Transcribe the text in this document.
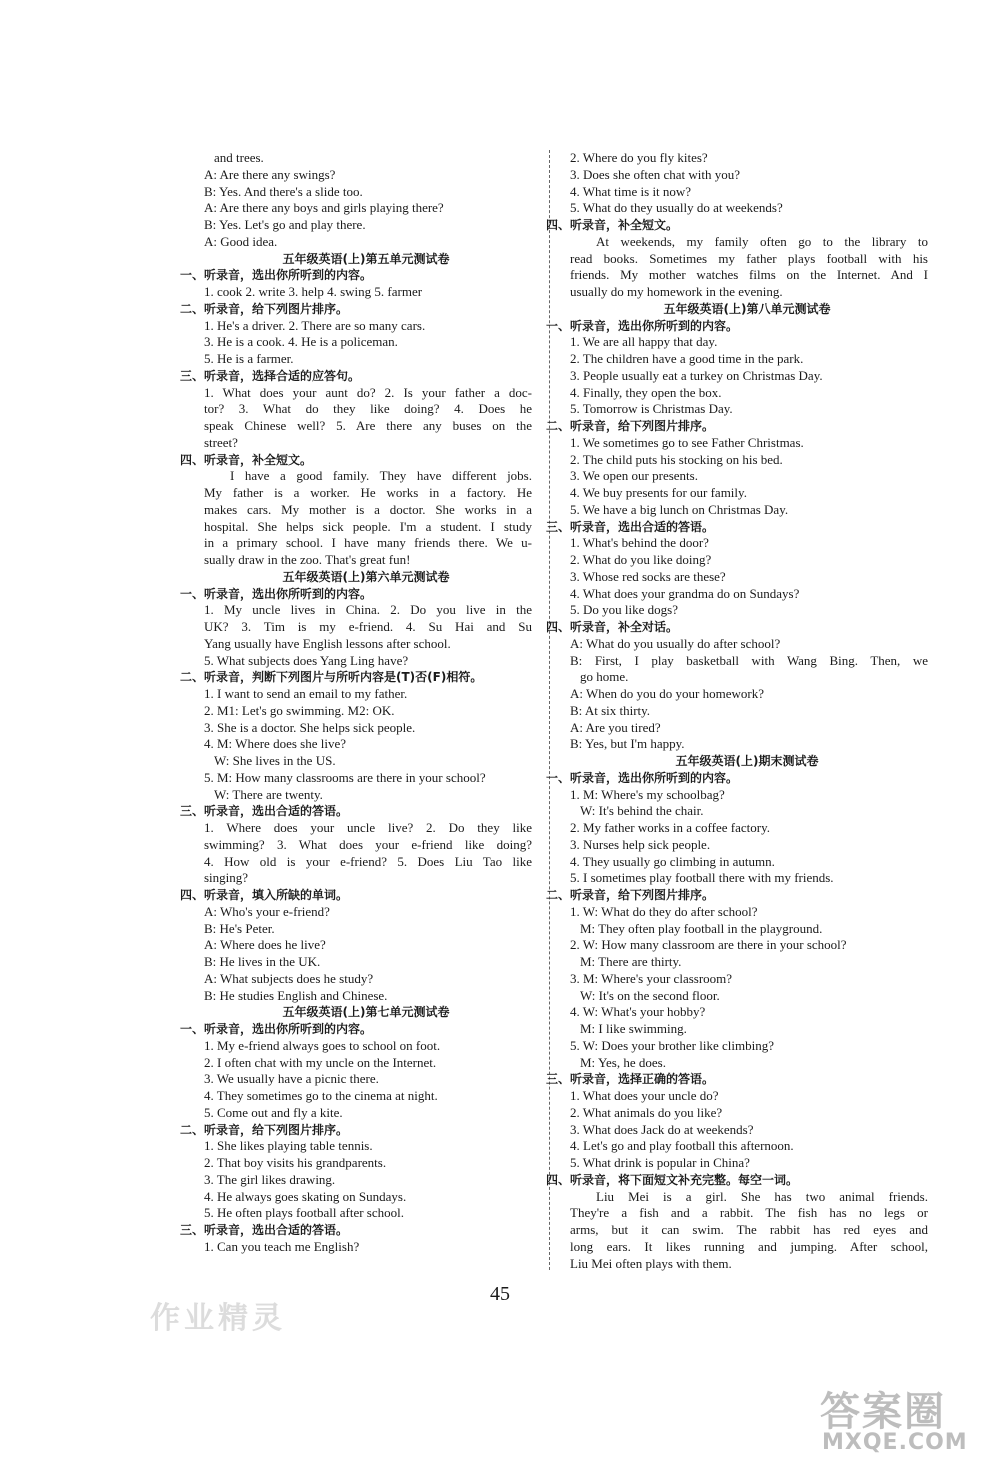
and trees.
A: Are there any swings?
B: Yes. And there's a slide too.
A: Are there any boys and girls playing there?
B: Yes. Let's go and play there.
A: Good idea.
五年级英语(上)第五单元测试卷
一、听录音，选出你所听到的内容。
1. cook 2. write 3. help 4. swing 5. farmer
二、听录音，给下列图片排序。
1. He's a driver. 2. There are so many cars.
3. He is a cook. 4. He is a policeman.
5. He is a farmer.
三、听录音，选择合适的应答句。
1. What does your aunt do? 2. Is your father a doc-
tor? 3. What do they like doing? 4. Does he
speak Chinese well? 5. Are there any buses on the
street?
四、听录音，补全短文。
I have a good family. They have different jobs.
My father is a worker. He works in a factory. He
makes cars. My mother is a doctor. She works in a
hospital. She helps sick people. I'm a student. I study
in a primary school. I have many friends there. We u-
sually draw in the zoo. That's great fun!
五年级英语(上)第六单元测试卷
一、听录音，选出你所听到的内容。
1. My uncle lives in China. 2. Do you live in the
UK? 3. Tim is my e-friend. 4. Su Hai and Su
Yang usually have English lessons after school.
5. What subjects does Yang Ling have?
二、听录音，判断下列图片与所听内容是(T)否(F)相符。
1. I want to send an email to my father.
2. M1: Let's go swimming. M2: OK.
3. She is a doctor. She helps sick people.
4. M: Where does she live?
W: She lives in the US.
5. M: How many classrooms are there in your school?
W: There are twenty.
三、听录音，选出合适的答语。
1. Where does your uncle live? 2. Do they like
swimming? 3. What does your e-friend like doing?
4. How old is your e-friend? 5. Does Liu Tao like
singing?
四、听录音，填入所缺的单词。
A: Who's your e-friend?
B: He's Peter.
A: Where does he live?
B: He lives in the UK.
A: What subjects does he study?
B: He studies English and Chinese.
五年级英语(上)第七单元测试卷
一、听录音，选出你所听到的内容。
1. My e-friend always goes to school on foot.
2. I often chat with my uncle on the Internet.
3. We usually have a picnic there.
4. They sometimes go to the cinema at night.
5. Come out and fly a kite.
二、听录音，给下列图片排序。
1. She likes playing table tennis.
2. That boy visits his grandparents.
3. The girl likes drawing.
4. He always goes skating on Sundays.
5. He often plays football after school.
三、听录音，选出合适的答语。
1. Can you teach me English?
2. Where do you fly kites?
3. Does she often chat with you?
4. What time is it now?
5. What do they usually do at weekends?
四、听录音，补全短文。
At weekends, my family often go to the library to
read books. Sometimes my father plays football with his
friends. My mother watches films on the Internet. And I
usually do my homework in the evening.
五年级英语(上)第八单元测试卷
一、听录音，选出你所听到的内容。
1. We are all happy that day.
2. The children have a good time in the park.
3. People usually eat a turkey on Christmas Day.
4. Finally, they open the box.
5. Tomorrow is Christmas Day.
二、听录音，给下列图片排序。
1. We sometimes go to see Father Christmas.
2. The child puts his stocking on his bed.
3. We open our presents.
4. We buy presents for our family.
5. We have a big lunch on Christmas Day.
三、听录音，选出合适的答语。
1. What's behind the door?
2. What do you like doing?
3. Whose red socks are these?
4. What does your grandma do on Sundays?
5. Do you like dogs?
四、听录音，补全对话。
A: What do you usually do after school?
B: First, I play basketball with Wang Bing. Then, we
go home.
A: When do you do your homework?
B: At six thirty.
A: Are you tired?
B: Yes, but I'm happy.
五年级英语(上)期末测试卷
一、听录音，选出你所听到的内容。
1. M: Where's my schoolbag?
W: It's behind the chair.
2. My father works in a coffee factory.
3. Nurses help sick people.
4. They usually go climbing in autumn.
5. I sometimes play football there with my friends.
二、听录音，给下列图片排序。
1. W: What do they do after school?
M: They often play football in the playground.
2. W: How many classroom are there in your school?
M: There are thirty.
3. M: Where's your classroom?
W: It's on the second floor.
4. W: What's your hobby?
M: I like swimming.
5. W: Does your brother like climbing?
M: Yes, he does.
三、听录音，选择正确的答语。
1. What does your uncle do?
2. What animals do you like?
3. What does Jack do at weekends?
4. Let's go and play football this afternoon.
5. What drink is popular in China?
四、听录音，将下面短文补充完整。每空一词。
Liu Mei is a girl. She has two animal friends.
They're a fish and a rabbit. The fish has no legs or
arms, but it can swim. The rabbit has red eyes and
long ears. It likes running and jumping. After school,
Liu Mei often plays with them.
45
作业精灵
答案圈
MXQE.COM
